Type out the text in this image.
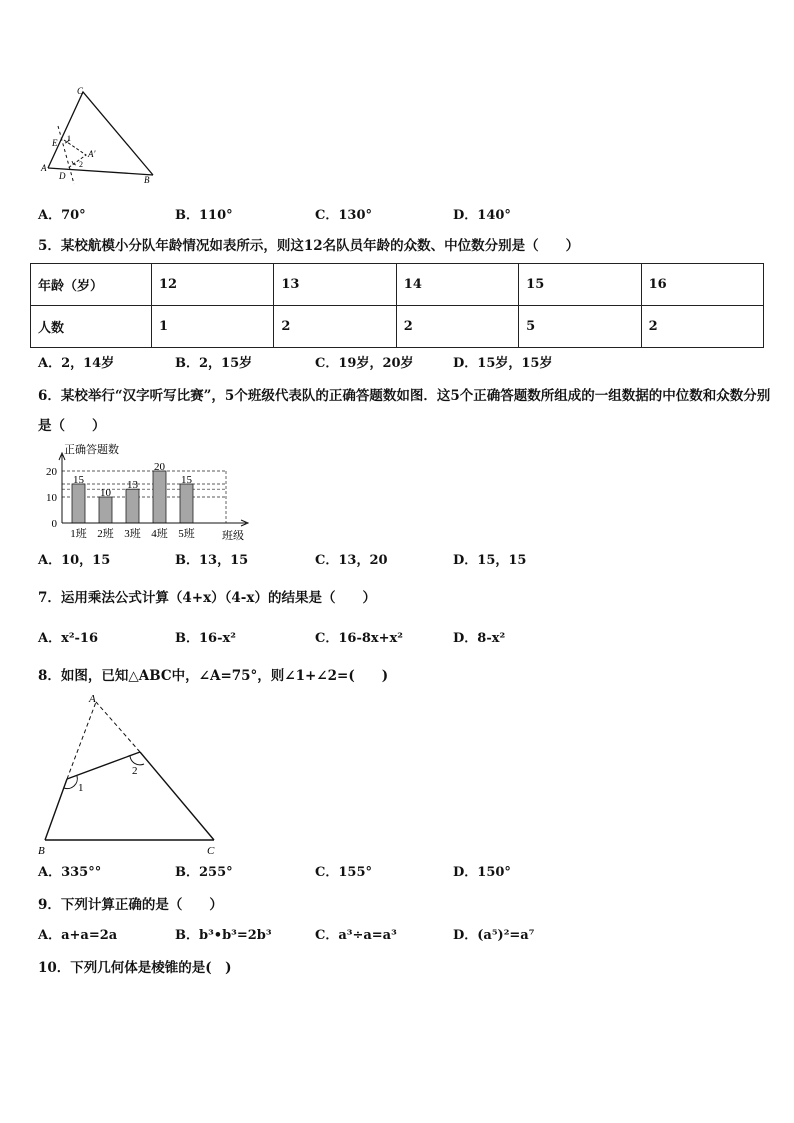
C
E 1
A′
A	2
D	B
A．70°	B．110°	C．130°	D．140°
5．某校航模小分队年龄情况如表所示，则这12名队员年龄的众数、中位数分别是（　　）
年龄（岁）	12	13	14	15	16
人数	1	2	2	5	2
A．2，14岁	B．2，15岁	C．19岁，20岁	D．15岁，15岁
6．某校举行“汉字听写比赛”，5个班级代表队的正确答题数如图．这5个正确答题数所组成的一组数据的中位数和众数分别是（　　）
正确答题数
班级
0
10
20
15
1班
10
2班
13
3班
20
4班
15
5班
A．10，15	B．13，15	C．13，20	D．15，15
7．运用乘法公式计算（4+x）（4-x）的结果是（　　）
A．x²-16	B．16-x²	C．16-8x+x²	D．8-x²
8．如图，已知△ABC中，∠A=75°，则∠1+∠2=(　　)
A
1
2
B	C
A．335°°	B．255°	C．155°	D．150°
9．下列计算正确的是（　　）
A．a+a=2a	B．b³•b³=2b³	C．a³÷a=a³	D．(a⁵)²=a⁷
10．下列几何体是棱锥的是(　)
